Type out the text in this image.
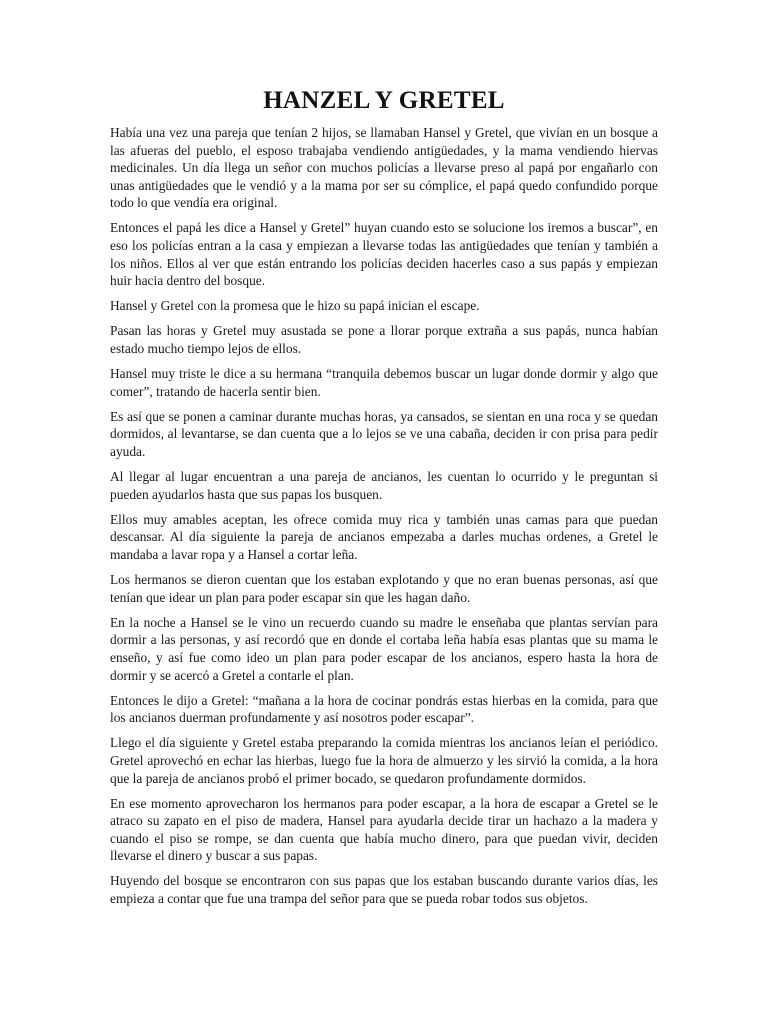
HANZEL Y GRETEL

Había una vez una pareja que tenían 2 hijos, se llamaban Hansel y Gretel, que vivían en un bosque a las afueras del pueblo, el esposo trabajaba vendiendo antigüedades, y la mama vendiendo hiervas medicinales. Un día llega un señor con muchos policías a llevarse preso al papá por engañarlo con unas antigüedades que le vendió y a la mama por ser su cómplice, el papá quedo confundido porque todo lo que vendía era original.

Entonces el papá les dice a Hansel y Gretel” huyan cuando esto se solucione los iremos a buscar”, en eso los policías entran a la casa y empiezan a llevarse todas las antigüedades que tenían y también a los niños. Ellos al ver que están entrando los policías deciden hacerles caso a sus papás y empiezan huir hacia dentro del bosque.

Hansel y Gretel con la promesa que le hizo su papá inician el escape.

Pasan las horas y Gretel muy asustada se pone a llorar porque extraña a sus papás, nunca habían estado mucho tiempo lejos de ellos.

Hansel muy triste le dice a su hermana “tranquila debemos buscar un lugar donde dormir y algo que comer”, tratando de hacerla sentir bien.

Es así que se ponen a caminar durante muchas horas, ya cansados, se sientan en una roca y se quedan dormidos, al levantarse, se dan cuenta que a lo lejos se ve una cabaña, deciden ir con prisa para pedir ayuda.

Al llegar al lugar encuentran a una pareja de ancianos, les cuentan lo ocurrido y le preguntan si pueden ayudarlos hasta que sus papas los busquen.

Ellos muy amables aceptan, les ofrece comida muy rica y también unas camas para que puedan descansar. Al día siguiente la pareja de ancianos empezaba a darles muchas ordenes, a Gretel le mandaba a lavar ropa y a Hansel a cortar leña.

Los hermanos se dieron cuentan que los estaban explotando y que no eran buenas personas, así que tenían que idear un plan para poder escapar sin que les hagan daño.

En la noche a Hansel se le vino un recuerdo cuando su madre le enseñaba que plantas servían para dormir a las personas, y así recordó que en donde el cortaba leña había esas plantas que su mama le enseño, y así fue como ideo un plan para poder escapar de los ancianos, espero hasta la hora de dormir y se acercó a Gretel a contarle el plan.

Entonces le dijo a Gretel: “mañana a la hora de cocinar pondrás estas hierbas en la comida, para que los ancianos duerman profundamente y así nosotros poder escapar”.

Llego el día siguiente y Gretel estaba preparando la comida mientras los ancianos leían el periódico. Gretel aprovechó en echar las hierbas, luego fue la hora de almuerzo y les sirvió la comida, a la hora que la pareja de ancianos probó el primer bocado, se quedaron profundamente dormidos.

En ese momento aprovecharon los hermanos para poder escapar, a la hora de escapar a Gretel se le atraco su zapato en el piso de madera, Hansel para ayudarla decide tirar un hachazo a la madera y cuando el piso se rompe, se dan cuenta que había mucho dinero, para que puedan vivir, deciden llevarse el dinero y buscar a sus papas.

Huyendo del bosque se encontraron con sus papas que los estaban buscando durante varios días, les empieza a contar que fue una trampa del señor para que se pueda robar todos sus objetos.
